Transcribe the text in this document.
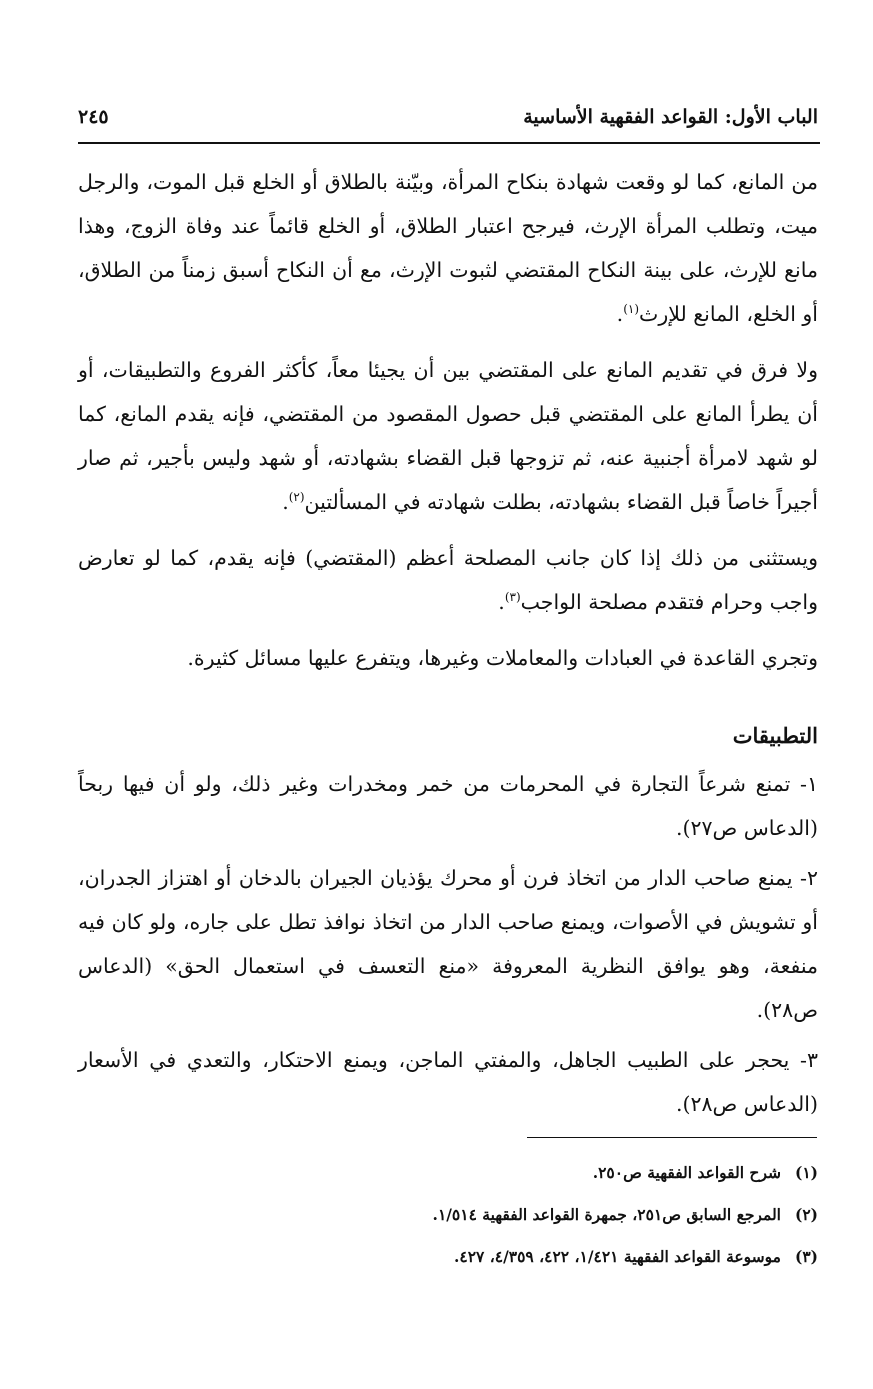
الباب الأول: القواعد الفقهية الأساسية
٢٤٥

من المانع، كما لو وقعت شهادة بنكاح المرأة، وبيّنة بالطلاق أو الخلع قبل الموت، والرجل ميت، وتطلب المرأة الإرث، فيرجح اعتبار الطلاق، أو الخلع قائماً عند وفاة الزوج، وهذا مانع للإرث، على بينة النكاح المقتضي لثبوت الإرث، مع أن النكاح أسبق زمناً من الطلاق، أو الخلع، المانع للإرث$^{(١)}$.

ولا فرق في تقديم المانع على المقتضي بين أن يجيئا معاً، كأكثر الفروع والتطبيقات، أو أن يطرأ المانع على المقتضي قبل حصول المقصود من المقتضي، فإنه يقدم المانع، كما لو شهد لامرأة أجنبية عنه، ثم تزوجها قبل القضاء بشهادته، أو شهد وليس بأجير، ثم صار أجيراً خاصاً قبل القضاء بشهادته، بطلت شهادته في المسألتين$^{(٢)}$.

ويستثنى من ذلك إذا كان جانب المصلحة أعظم (المقتضي) فإنه يقدم، كما لو تعارض واجب وحرام فتقدم مصلحة الواجب$^{(٣)}$.

وتجري القاعدة في العبادات والمعاملات وغيرها، ويتفرع عليها مسائل كثيرة.

التطبيقات

١- تمنع شرعاً التجارة في المحرمات من خمر ومخدرات وغير ذلك، ولو أن فيها ربحاً (الدعاس ص٢٧).

٢- يمنع صاحب الدار من اتخاذ فرن أو محرك يؤذيان الجيران بالدخان أو اهتزاز الجدران، أو تشويش في الأصوات، ويمنع صاحب الدار من اتخاذ نوافذ تطل على جاره، ولو كان فيه منفعة، وهو يوافق النظرية المعروفة «منع التعسف في استعمال الحق» (الدعاس ص٢٨).

٣- يحجر على الطبيب الجاهل، والمفتي الماجن، ويمنع الاحتكار، والتعدي في الأسعار (الدعاس ص٢٨).

(١)شرح القواعد الفقهية ص٢٥٠.

(٢)المرجع السابق ص٢٥١، جمهرة القواعد الفقهية ١/٥١٤.

(٣)موسوعة القواعد الفقهية ١/٤٢١، ٤٢٢، ٤/٣٥٩، ٤٢٧.
